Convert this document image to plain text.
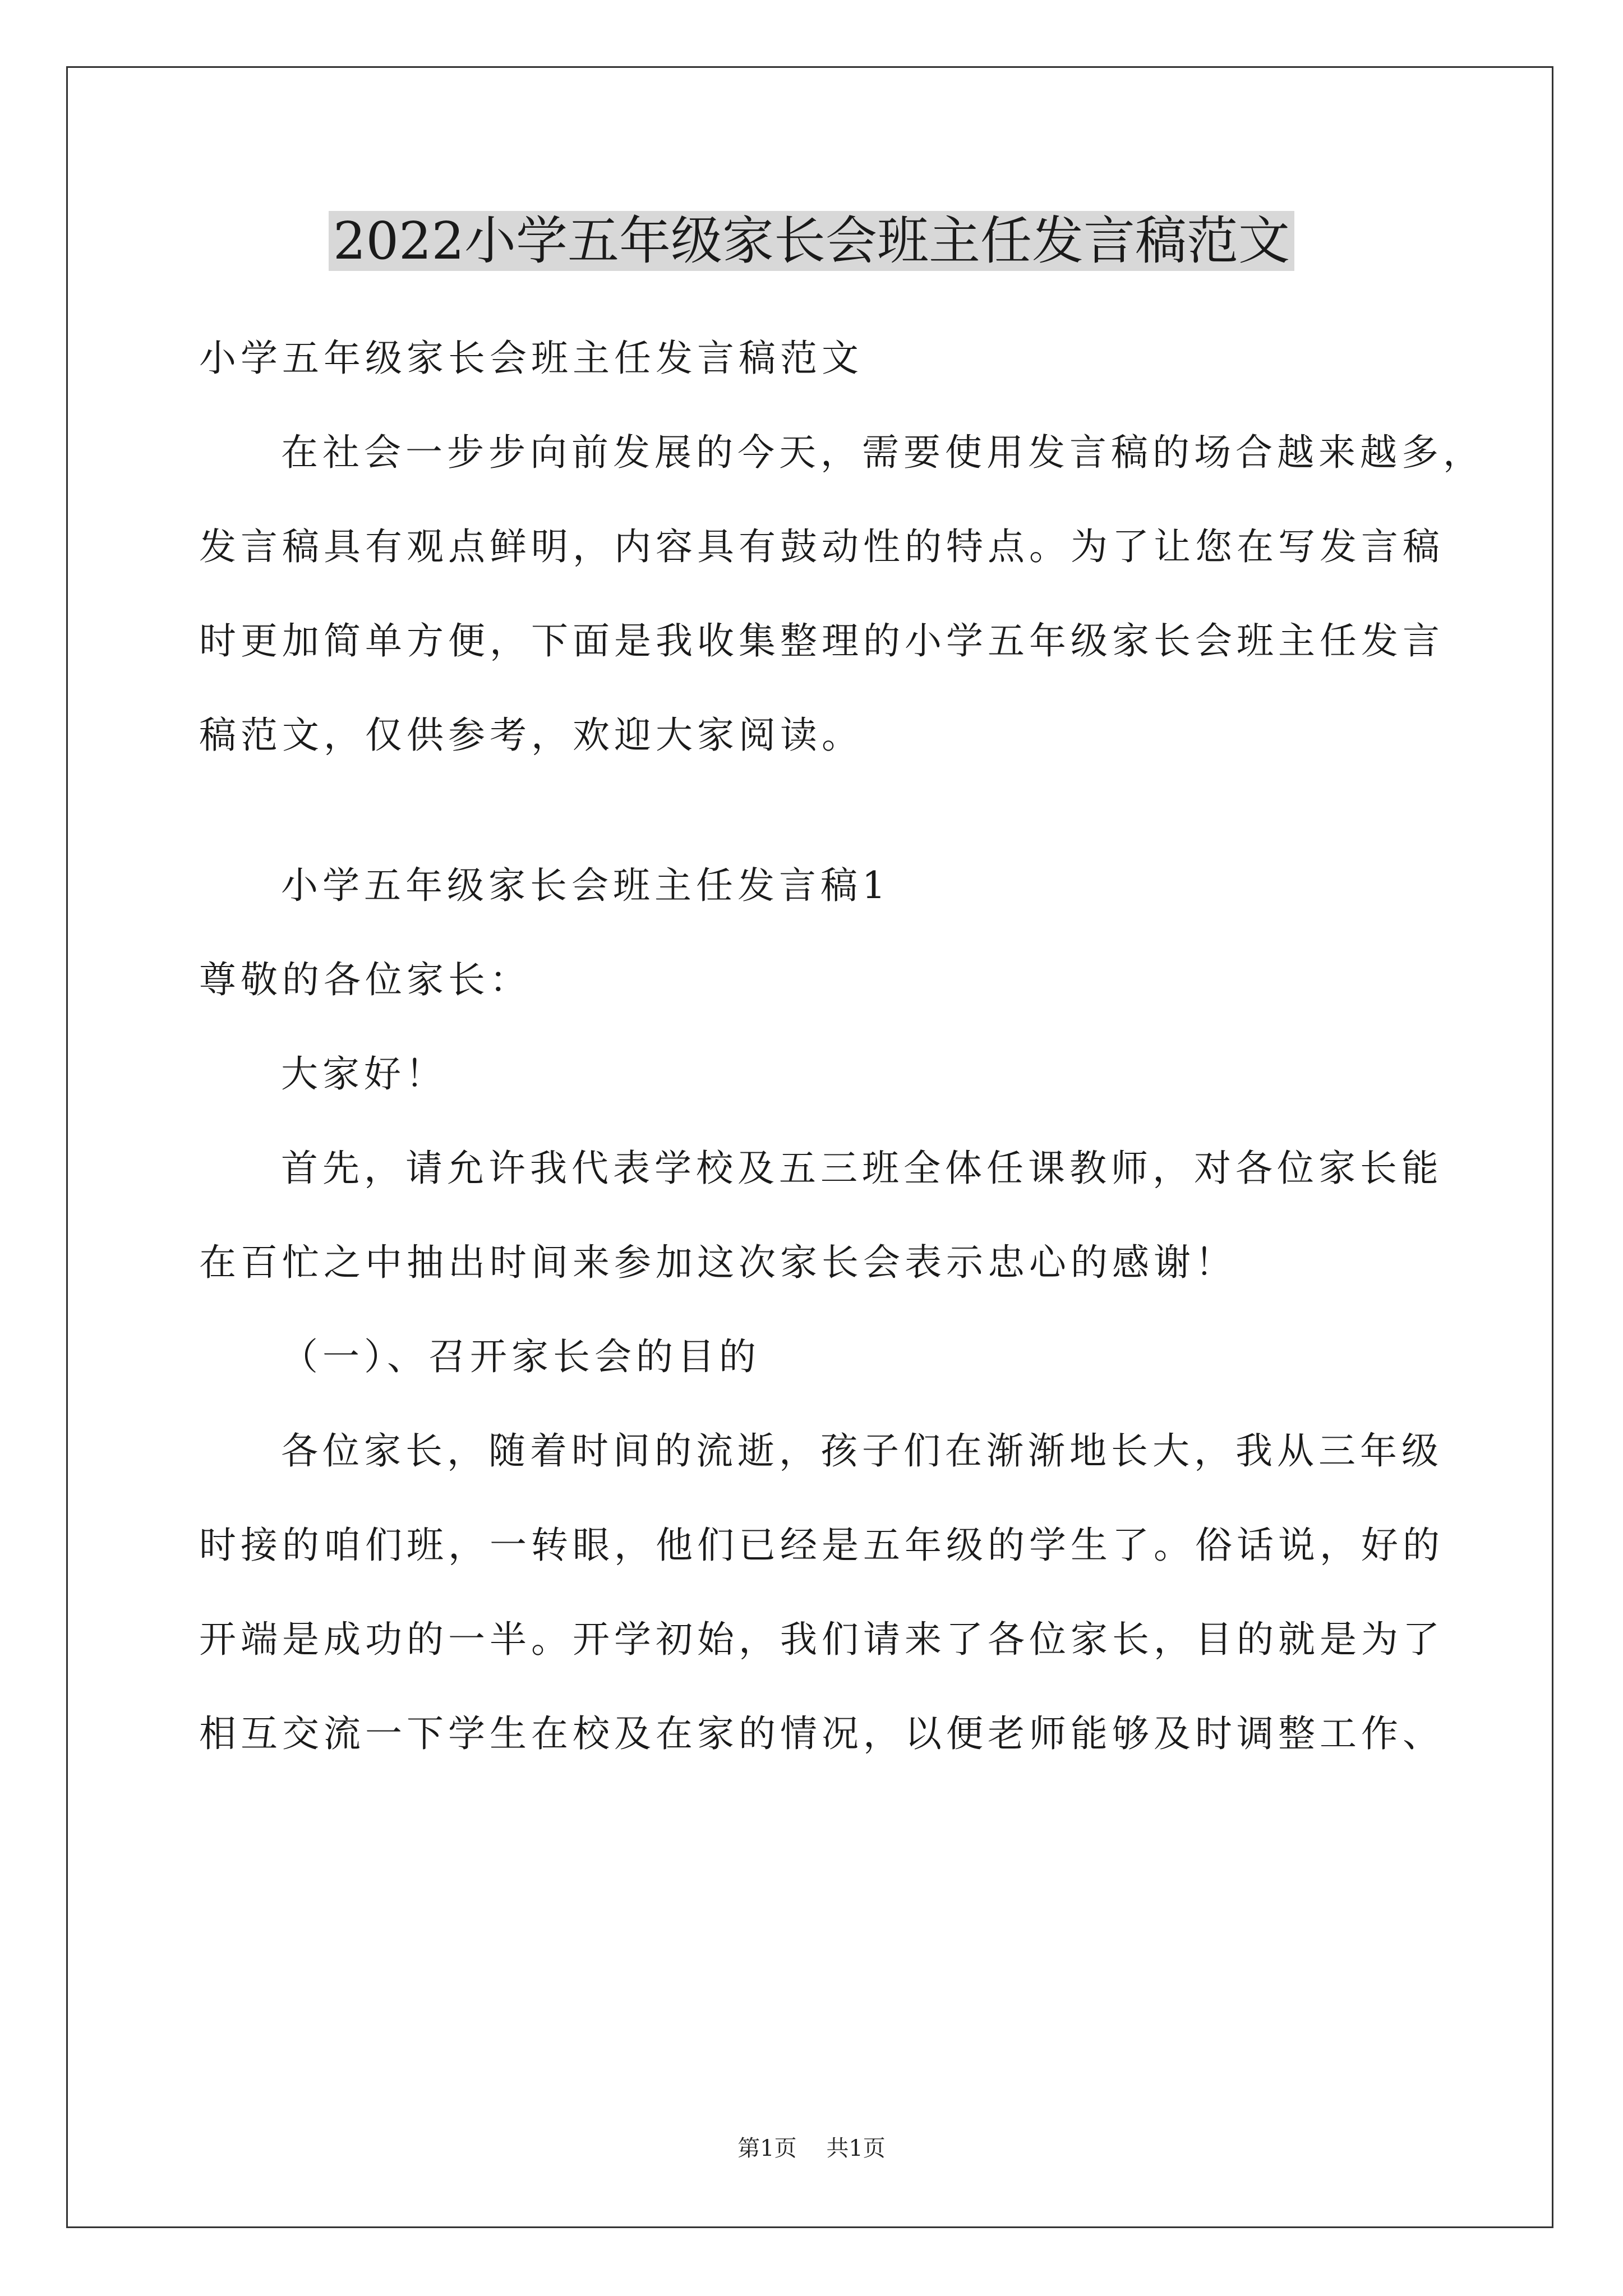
2022小学五年级家长会班主任发言稿范文
小学五年级家长会班主任发言稿范文
在社会一步步向前发展的今天，需要使用发言稿的场合越来越多，
发言稿具有观点鲜明，内容具有鼓动性的特点。为了让您在写发言稿
时更加简单方便，下面是我收集整理的小学五年级家长会班主任发言
稿范文，仅供参考，欢迎大家阅读。
小学五年级家长会班主任发言稿1
尊敬的各位家长：
大家好！
首先，请允许我代表学校及五三班全体任课教师，对各位家长能
在百忙之中抽出时间来参加这次家长会表示忠心的感谢！
（一）、召开家长会的目的
各位家长，随着时间的流逝，孩子们在渐渐地长大，我从三年级
时接的咱们班，一转眼，他们已经是五年级的学生了。俗话说，好的
开端是成功的一半。开学初始，我们请来了各位家长，目的就是为了
相互交流一下学生在校及在家的情况，以便老师能够及时调整工作、
第1页 共1页
